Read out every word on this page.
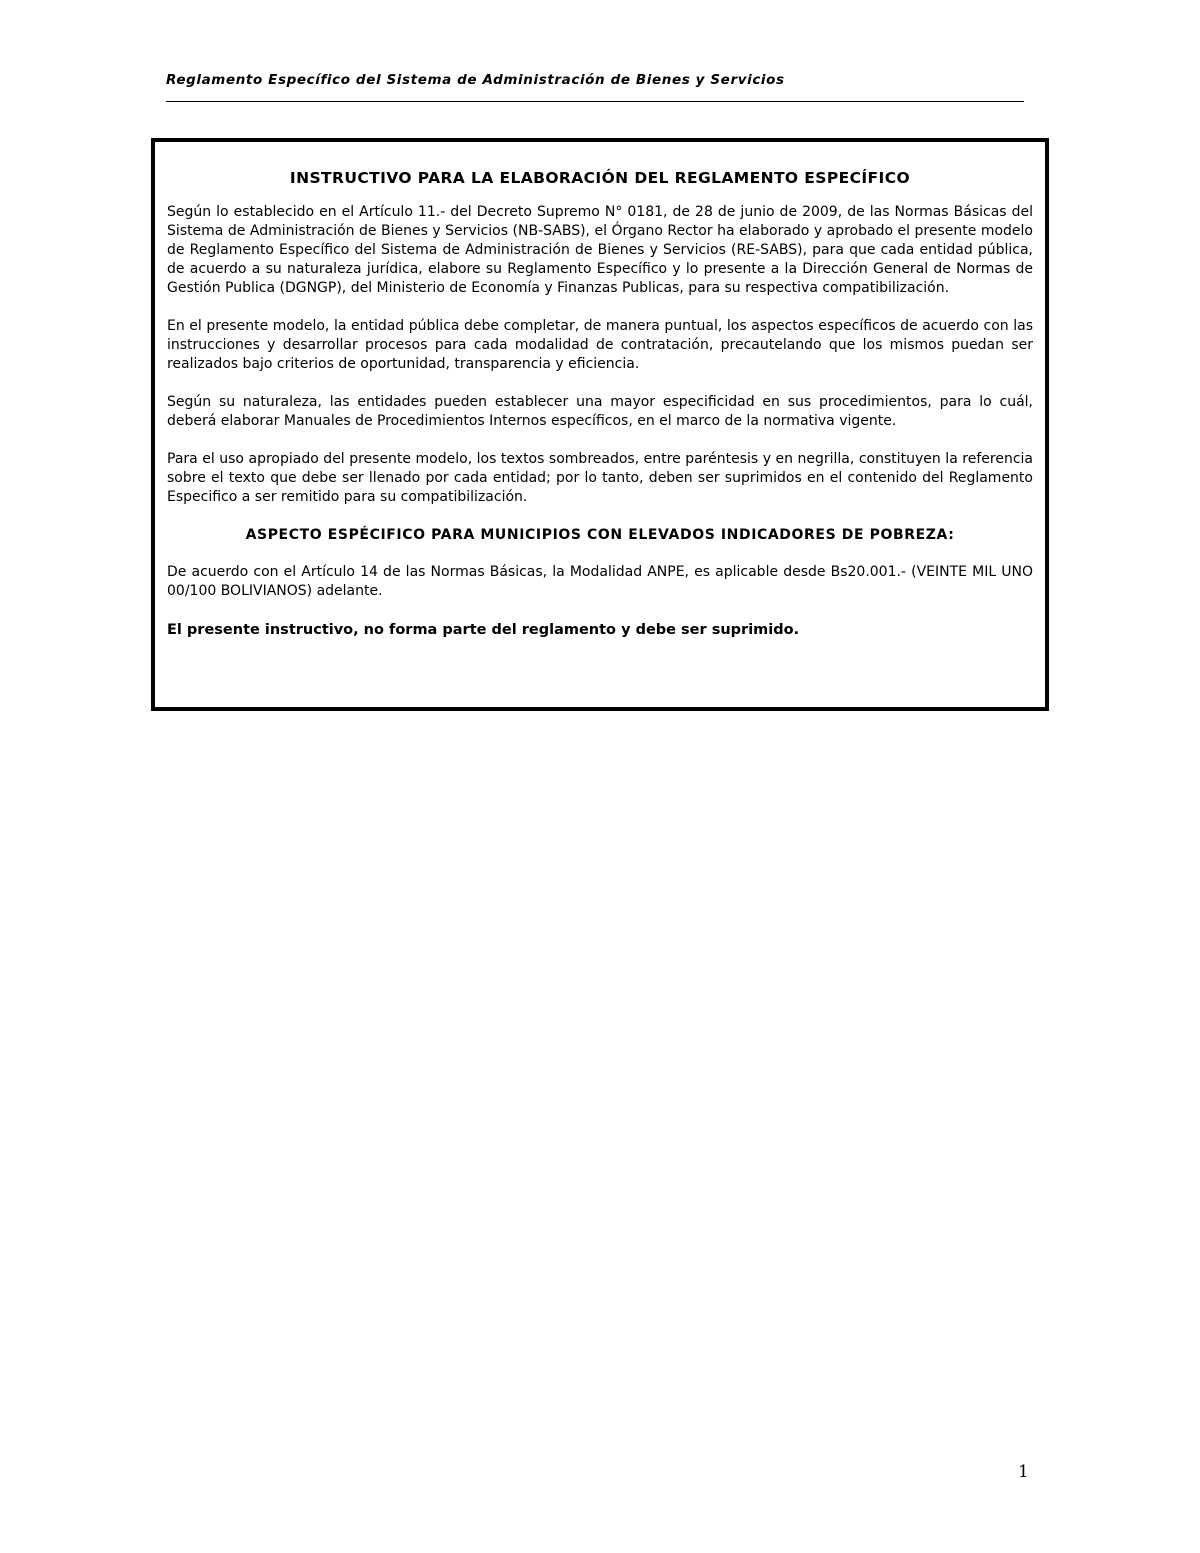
Reglamento Específico del Sistema de Administración de Bienes y Servicios

INSTRUCTIVO PARA LA ELABORACIÓN DEL REGLAMENTO ESPECÍFICO

Según lo establecido en el Artículo 11.- del Decreto Supremo N° 0181, de 28 de junio de 2009, de las Normas Básicas del Sistema de Administración de Bienes y Servicios (NB-SABS), el Órgano Rector ha elaborado y aprobado el presente modelo de Reglamento Específico del Sistema de Administración de Bienes y Servicios (RE-SABS), para que cada entidad pública, de acuerdo a su naturaleza jurídica, elabore su Reglamento Específico y lo presente a la Dirección General de Normas de Gestión Publica (DGNGP), del Ministerio de Economía y Finanzas Publicas, para su respectiva compatibilización.

En el presente modelo, la entidad pública debe completar, de manera puntual, los aspectos específicos de acuerdo con las instrucciones y desarrollar procesos para cada modalidad de contratación, precautelando que los mismos puedan ser realizados bajo criterios de oportunidad, transparencia y eficiencia.

Según su naturaleza, las entidades pueden establecer una mayor especificidad en sus procedimientos, para lo cuál, deberá elaborar Manuales de Procedimientos Internos específicos, en el marco de la normativa vigente.

Para el uso apropiado del presente modelo, los textos sombreados, entre paréntesis y en negrilla, constituyen la referencia sobre el texto que debe ser llenado por cada entidad; por lo tanto, deben ser suprimidos en el contenido del Reglamento Especifico a ser remitido para su compatibilización.

ASPECTO ESPÉCIFICO PARA MUNICIPIOS CON ELEVADOS INDICADORES DE POBREZA:

De acuerdo con el Artículo 14 de las Normas Básicas, la Modalidad ANPE, es aplicable desde Bs20.001.- (VEINTE MIL UNO 00/100 BOLIVIANOS) adelante.

El presente instructivo, no forma parte del reglamento y debe ser suprimido.

1
